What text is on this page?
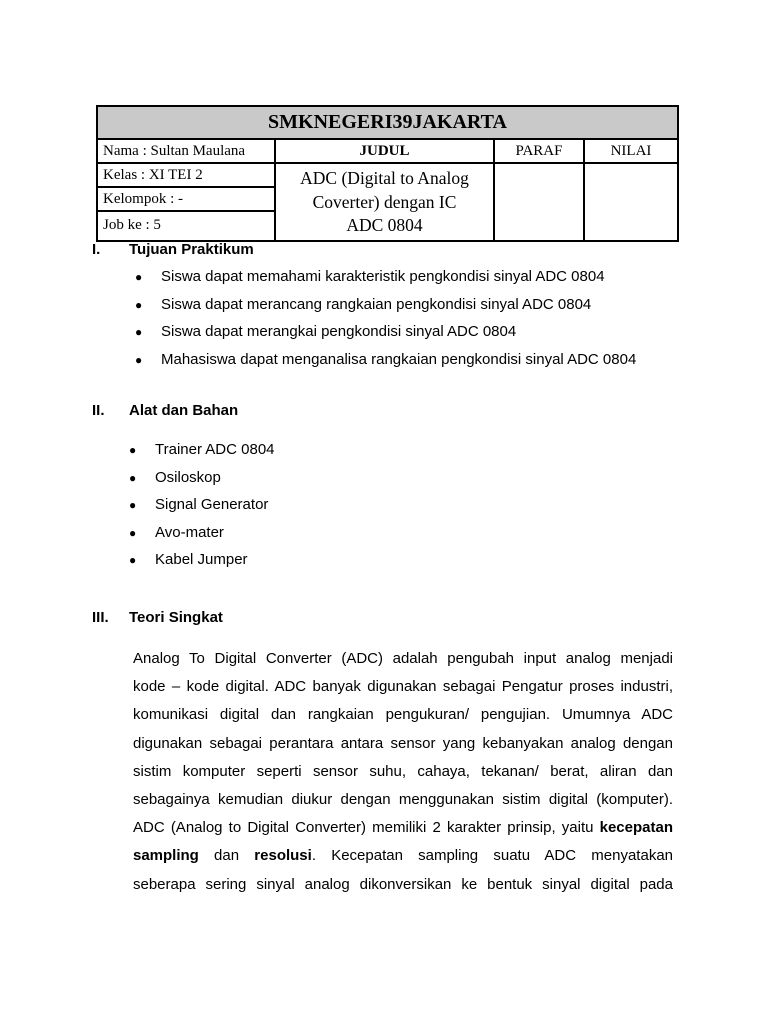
SMKNEGERI39JAKARTA
Nama : Sultan Maulana
Kelas : XI TEI 2
Kelompok : -
Job ke : 5
JUDUL	PARAF	NILAI
ADC (Digital to Analog
Coverter) dengan IC
ADC 0804
I. Tujuan Praktikum
● Siswa dapat memahami karakteristik pengkondisi sinyal ADC 0804
● Siswa dapat merancang rangkaian pengkondisi sinyal ADC 0804
● Siswa dapat merangkai pengkondisi sinyal ADC 0804
● Mahasiswa dapat menganalisa rangkaian pengkondisi sinyal ADC 0804
II. Alat dan Bahan
● Trainer ADC 0804
● Osiloskop
● Signal Generator
● Avo-mater
● Kabel Jumper
III. Teori Singkat
Analog To Digital Converter (ADC) adalah pengubah input analog menjadi
kode – kode digital. ADC banyak digunakan sebagai Pengatur proses industri,
komunikasi digital dan rangkaian pengukuran/ pengujian. Umumnya ADC
digunakan sebagai perantara antara sensor yang kebanyakan analog dengan
sistim komputer seperti sensor suhu, cahaya, tekanan/ berat, aliran dan
sebagainya kemudian diukur dengan menggunakan sistim digital (komputer).
ADC (Analog to Digital Converter) memiliki 2 karakter prinsip, yaitu kecepatan
sampling dan resolusi. Kecepatan sampling suatu ADC menyatakan
seberapa sering sinyal analog dikonversikan ke bentuk sinyal digital pada
